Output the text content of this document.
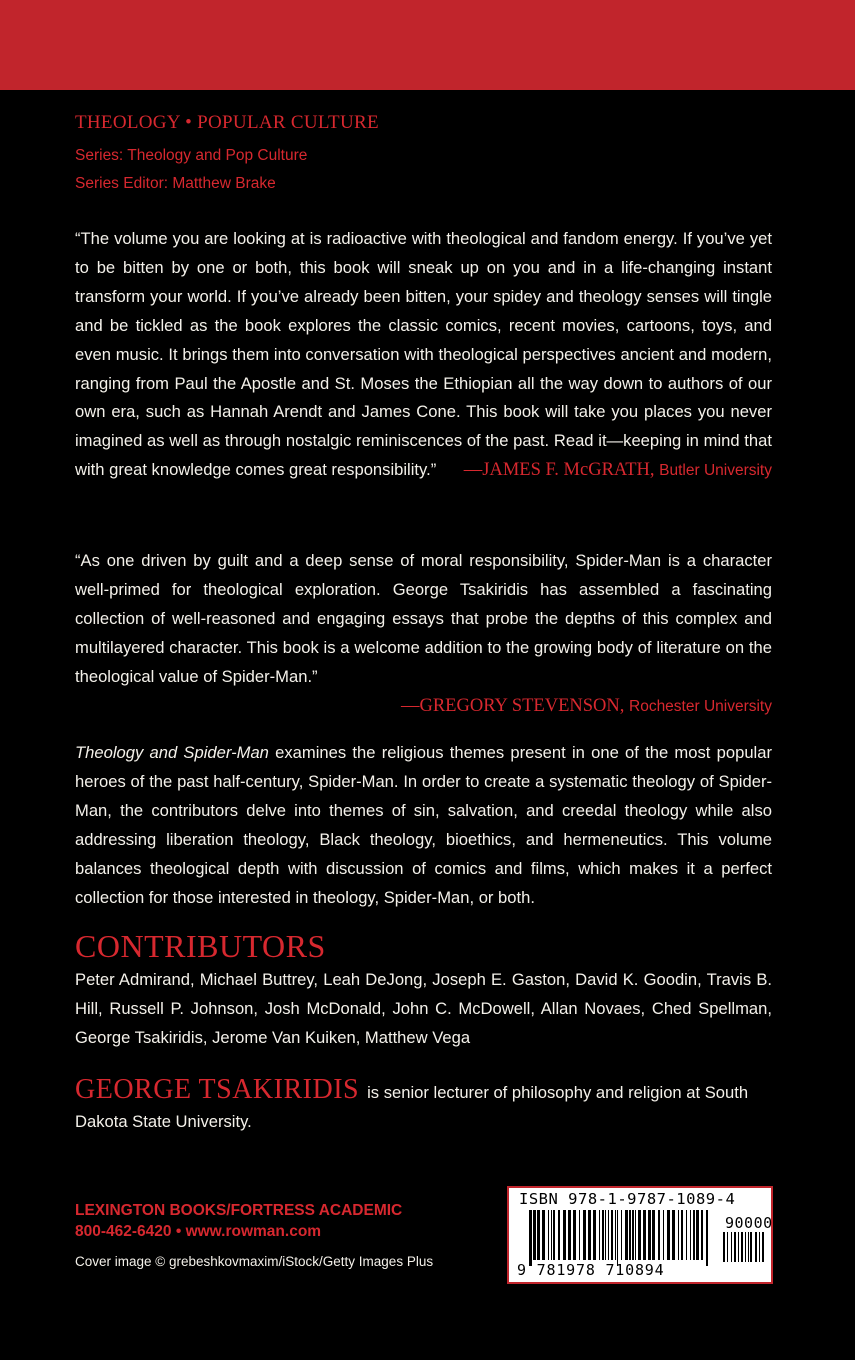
THEOLOGY • POPULAR CULTURE
Series: Theology and Pop Culture
Series Editor: Matthew Brake
“The volume you are looking at is radioactive with theological and fandom energy. If you’ve yet to be bitten by one or both, this book will sneak up on you and in a life-changing instant transform your world. If you’ve already been bitten, your spidey and theology senses will tingle and be tickled as the book explores the classic comics, recent movies, cartoons, toys, and even music. It brings them into conversation with theological perspectives ancient and modern, ranging from Paul the Apostle and St. Moses the Ethiopian all the way down to authors of our own era, such as Hannah Arendt and James Cone. This book will take you places you never imagined as well as through nostalgic reminiscences of the past. Read it—keeping in mind that with great knowledge comes great responsibility.” —JAMES F. McGRATH, Butler University
“As one driven by guilt and a deep sense of moral responsibility, Spider-Man is a character well-primed for theological exploration. George Tsakiridis has assembled a fascinating collection of well-reasoned and engaging essays that probe the depths of this complex and multilayered character. This book is a welcome addition to the growing body of literature on the theological value of Spider-Man.”
—GREGORY STEVENSON, Rochester University
Theology and Spider-Man examines the religious themes present in one of the most popular heroes of the past half-century, Spider-Man. In order to create a systematic theology of Spider-Man, the contributors delve into themes of sin, salvation, and creedal theology while also addressing liberation theology, Black theology, bioethics, and hermeneutics. This volume balances theological depth with discussion of comics and films, which makes it a perfect collection for those interested in theology, Spider-Man, or both.
CONTRIBUTORS
Peter Admirand, Michael Buttrey, Leah DeJong, Joseph E. Gaston, David K. Goodin, Travis B. Hill, Russell P. Johnson, Josh McDonald, John C. McDowell, Allan Novaes, Ched Spellman, George Tsakiridis, Jerome Van Kuiken, Matthew Vega
GEORGE TSAKIRIDIS is senior lecturer of philosophy and religion at South Dakota State University.
LEXINGTON BOOKS/FORTRESS ACADEMIC
800-462-6420 • www.rowman.com
Cover image © grebeshkovmaxim/iStock/Getty Images Plus
ISBN 978-1-9787-1089-4
90000
9 781978 710894
